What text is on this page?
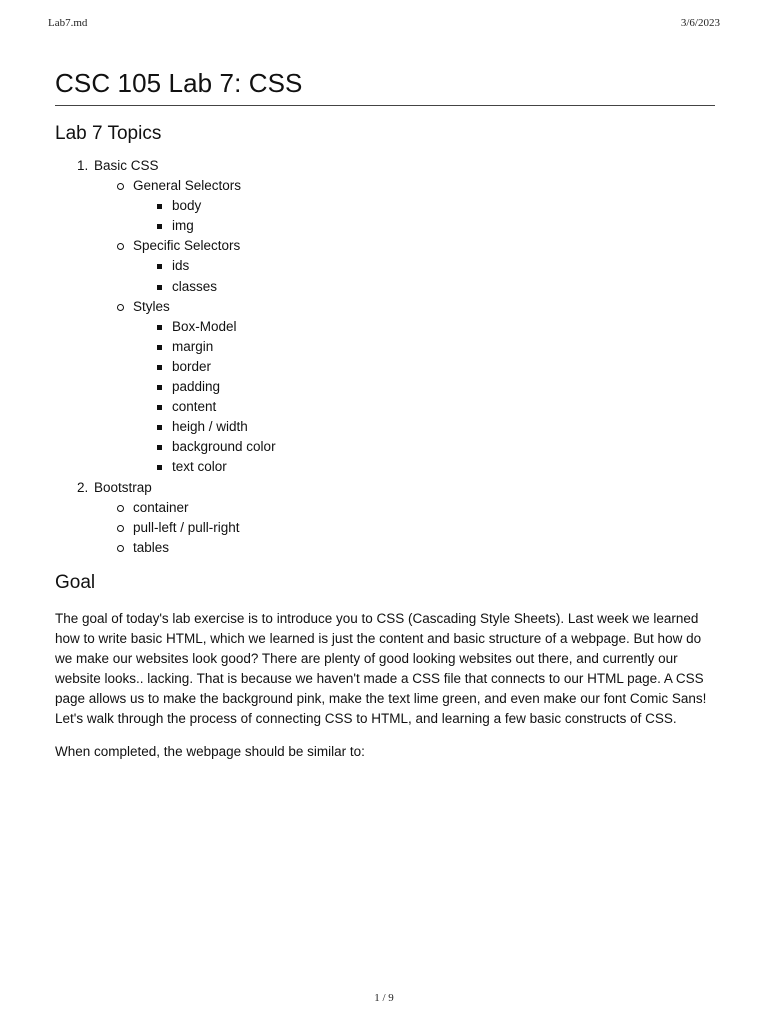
Lab7.md	3/6/2023
CSC 105 Lab 7: CSS
Lab 7 Topics
1. Basic CSS
General Selectors
body
img
Specific Selectors
ids
classes
Styles
Box-Model
margin
border
padding
content
heigh / width
background color
text color
2. Bootstrap
container
pull-left / pull-right
tables
Goal

The goal of today's lab exercise is to introduce you to CSS (Cascading Style Sheets). Last week we learned how to write basic HTML, which we learned is just the content and basic structure of a webpage. But how do we make our websites look good? There are plenty of good looking websites out there, and currently our website looks.. lacking. That is because we haven't made a CSS file that connects to our HTML page. A CSS page allows us to make the background pink, make the text lime green, and even make our font Comic Sans! Let's walk through the process of connecting CSS to HTML, and learning a few basic constructs of CSS.

When completed, the webpage should be similar to:

1 / 9
